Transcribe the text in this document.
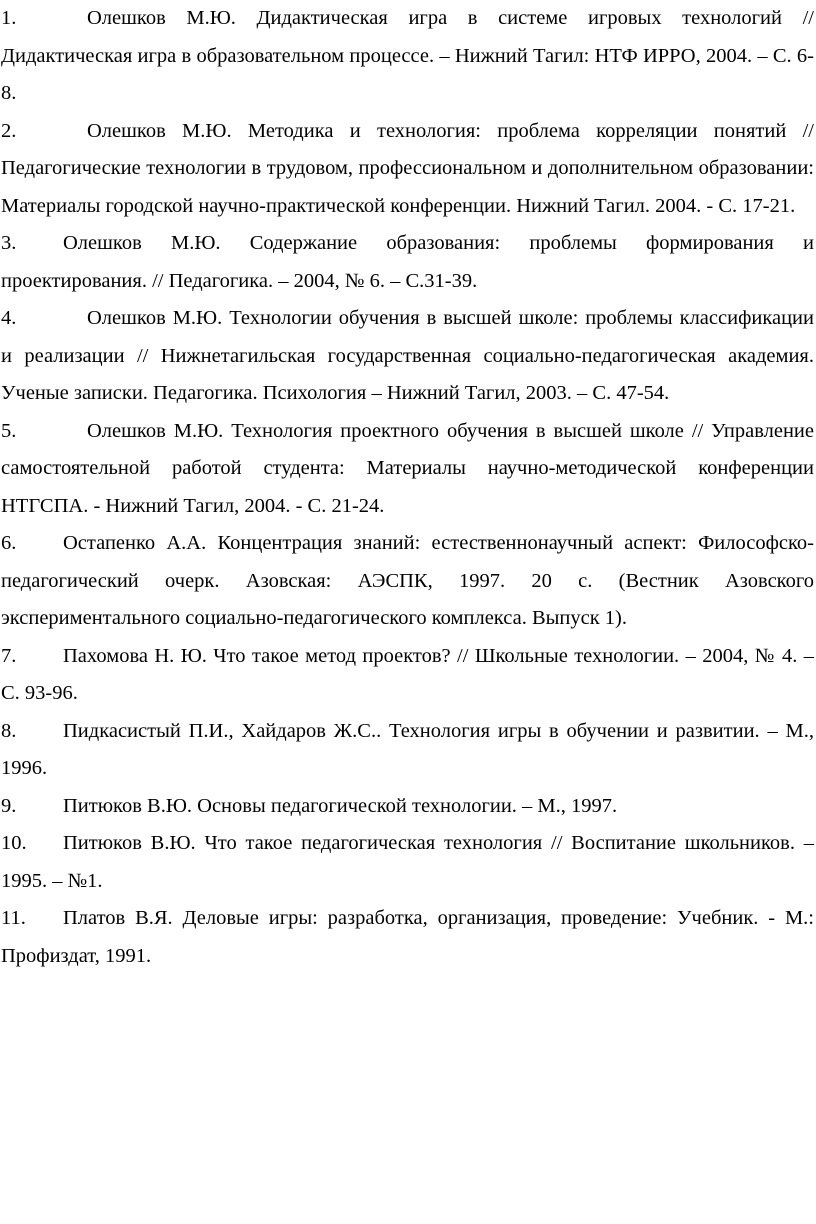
1.	Олешков М.Ю. Дидактическая игра в системе игровых технологий // Дидактическая игра в образовательном процессе. – Нижний Тагил: НТФ ИРРО, 2004. – С. 6-8.
2.	Олешков М.Ю. Методика и технология: проблема корреляции понятий // Педагогические технологии в трудовом, профессиональном и дополнительном образовании: Материалы городской научно-практической конференции. Нижний Тагил. 2004. - С. 17-21.
3. Олешков М.Ю. Содержание образования: проблемы формирования и проектирования. // Педагогика. – 2004, № 6. – С.31-39.
4.	Олешков М.Ю. Технологии обучения в высшей школе: проблемы классификации и реализации // Нижнетагильская государственная социально-педагогическая академия. Ученые записки. Педагогика. Психология – Нижний Тагил, 2003. – С. 47-54.
5.	Олешков М.Ю. Технология проектного обучения в высшей школе // Управление самостоятельной работой студента: Материалы научно-методической конференции НТГСПА. - Нижний Тагил, 2004. - С. 21-24.
6. Остапенко А.А. Концентрация знаний: естественнонаучный аспект: Философско-педагогический очерк. Азовская: АЭСПК, 1997. 20 с. (Вестник Азовского экспериментального социально-педагогического комплекса. Выпуск 1).
7. Пахомова Н. Ю. Что такое метод проектов? // Школьные технологии. – 2004, № 4. – С. 93-96.
8. Пидкасистый П.И., Хайдаров Ж.С.. Технология игры в обучении и развитии. – М., 1996.
9. Питюков В.Ю. Основы педагогической технологии. – М., 1997.
10. Питюков В.Ю. Что такое педагогическая технология // Воспитание школьников. – 1995. – №1.
11. Платов В.Я. Деловые игры: разработка, организация, проведение: Учебник. - М.: Профиздат, 1991.
